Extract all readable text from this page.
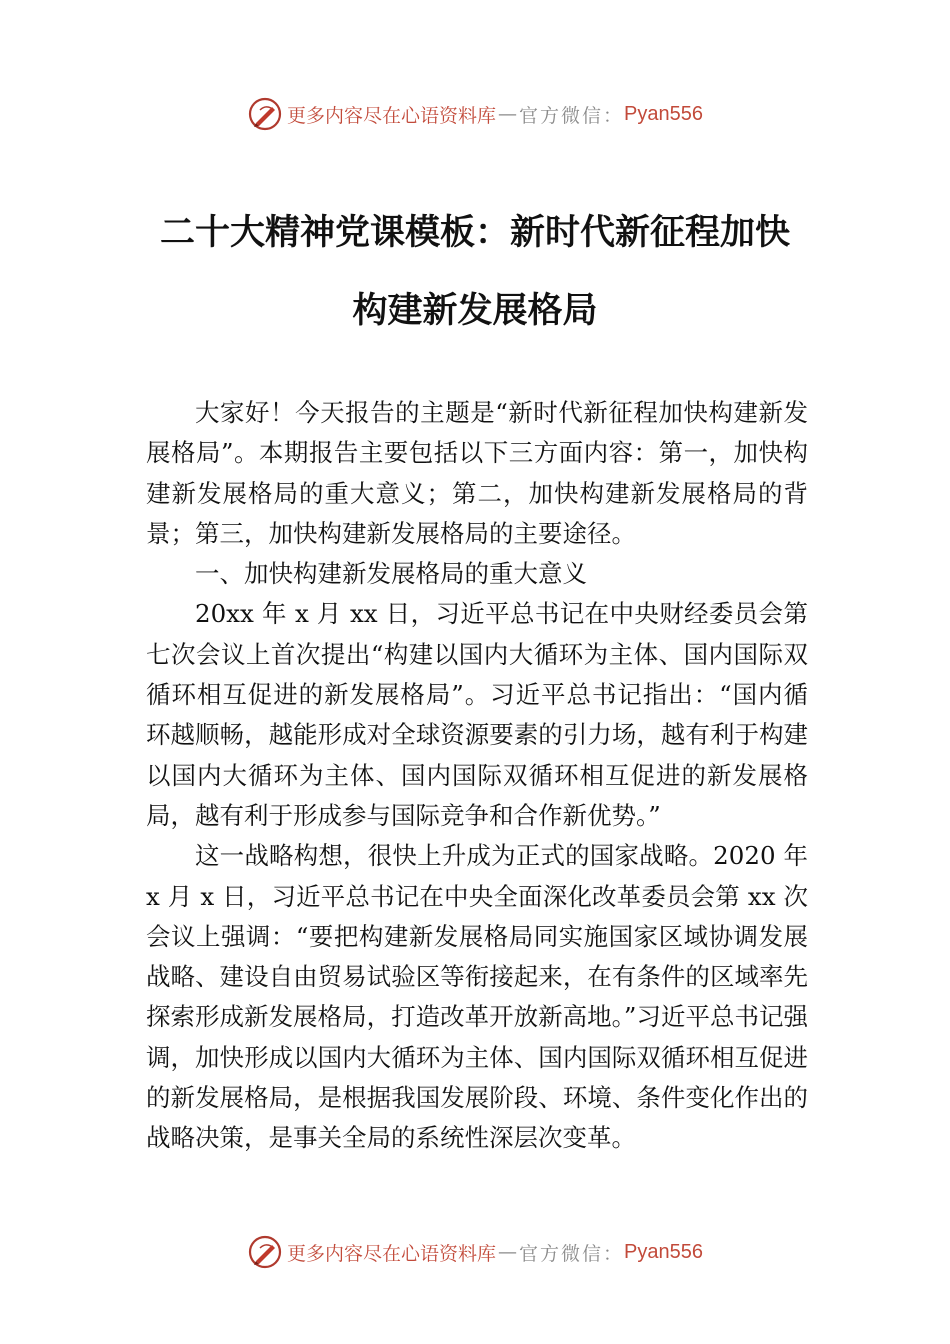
更多内容尽在心语资料库 — 官方微信： Pyan556
二十大精神党课模板：新时代新征程加快
构建新发展格局

大家好！今天报告的主题是“新时代新征程加快构建新发展格局”。本期报告主要包括以下三方面内容：第一，加快构建新发展格局的重大意义；第二，加快构建新发展格局的背景；第三，加快构建新发展格局的主要途径。

一、加快构建新发展格局的重大意义

20xx 年 x 月 xx 日，习近平总书记在中央财经委员会第七次会议上首次提出“构建以国内大循环为主体、国内国际双循环相互促进的新发展格局”。习近平总书记指出：“国内循环越顺畅，越能形成对全球资源要素的引力场，越有利于构建以国内大循环为主体、国内国际双循环相互促进的新发展格局，越有利于形成参与国际竞争和合作新优势。”

这一战略构想，很快上升成为正式的国家战略。2020 年 x 月 x 日，习近平总书记在中央全面深化改革委员会第 xx 次会议上强调：“要把构建新发展格局同实施国家区域协调发展战略、建设自由贸易试验区等衔接起来，在有条件的区域率先探索形成新发展格局，打造改革开放新高地。”习近平总书记强调，加快形成以国内大循环为主体、国内国际双循环相互促进的新发展格局，是根据我国发展阶段、环境、条件变化作出的战略决策，是事关全局的系统性深层次变革。

更多内容尽在心语资料库 — 官方微信： Pyan556
